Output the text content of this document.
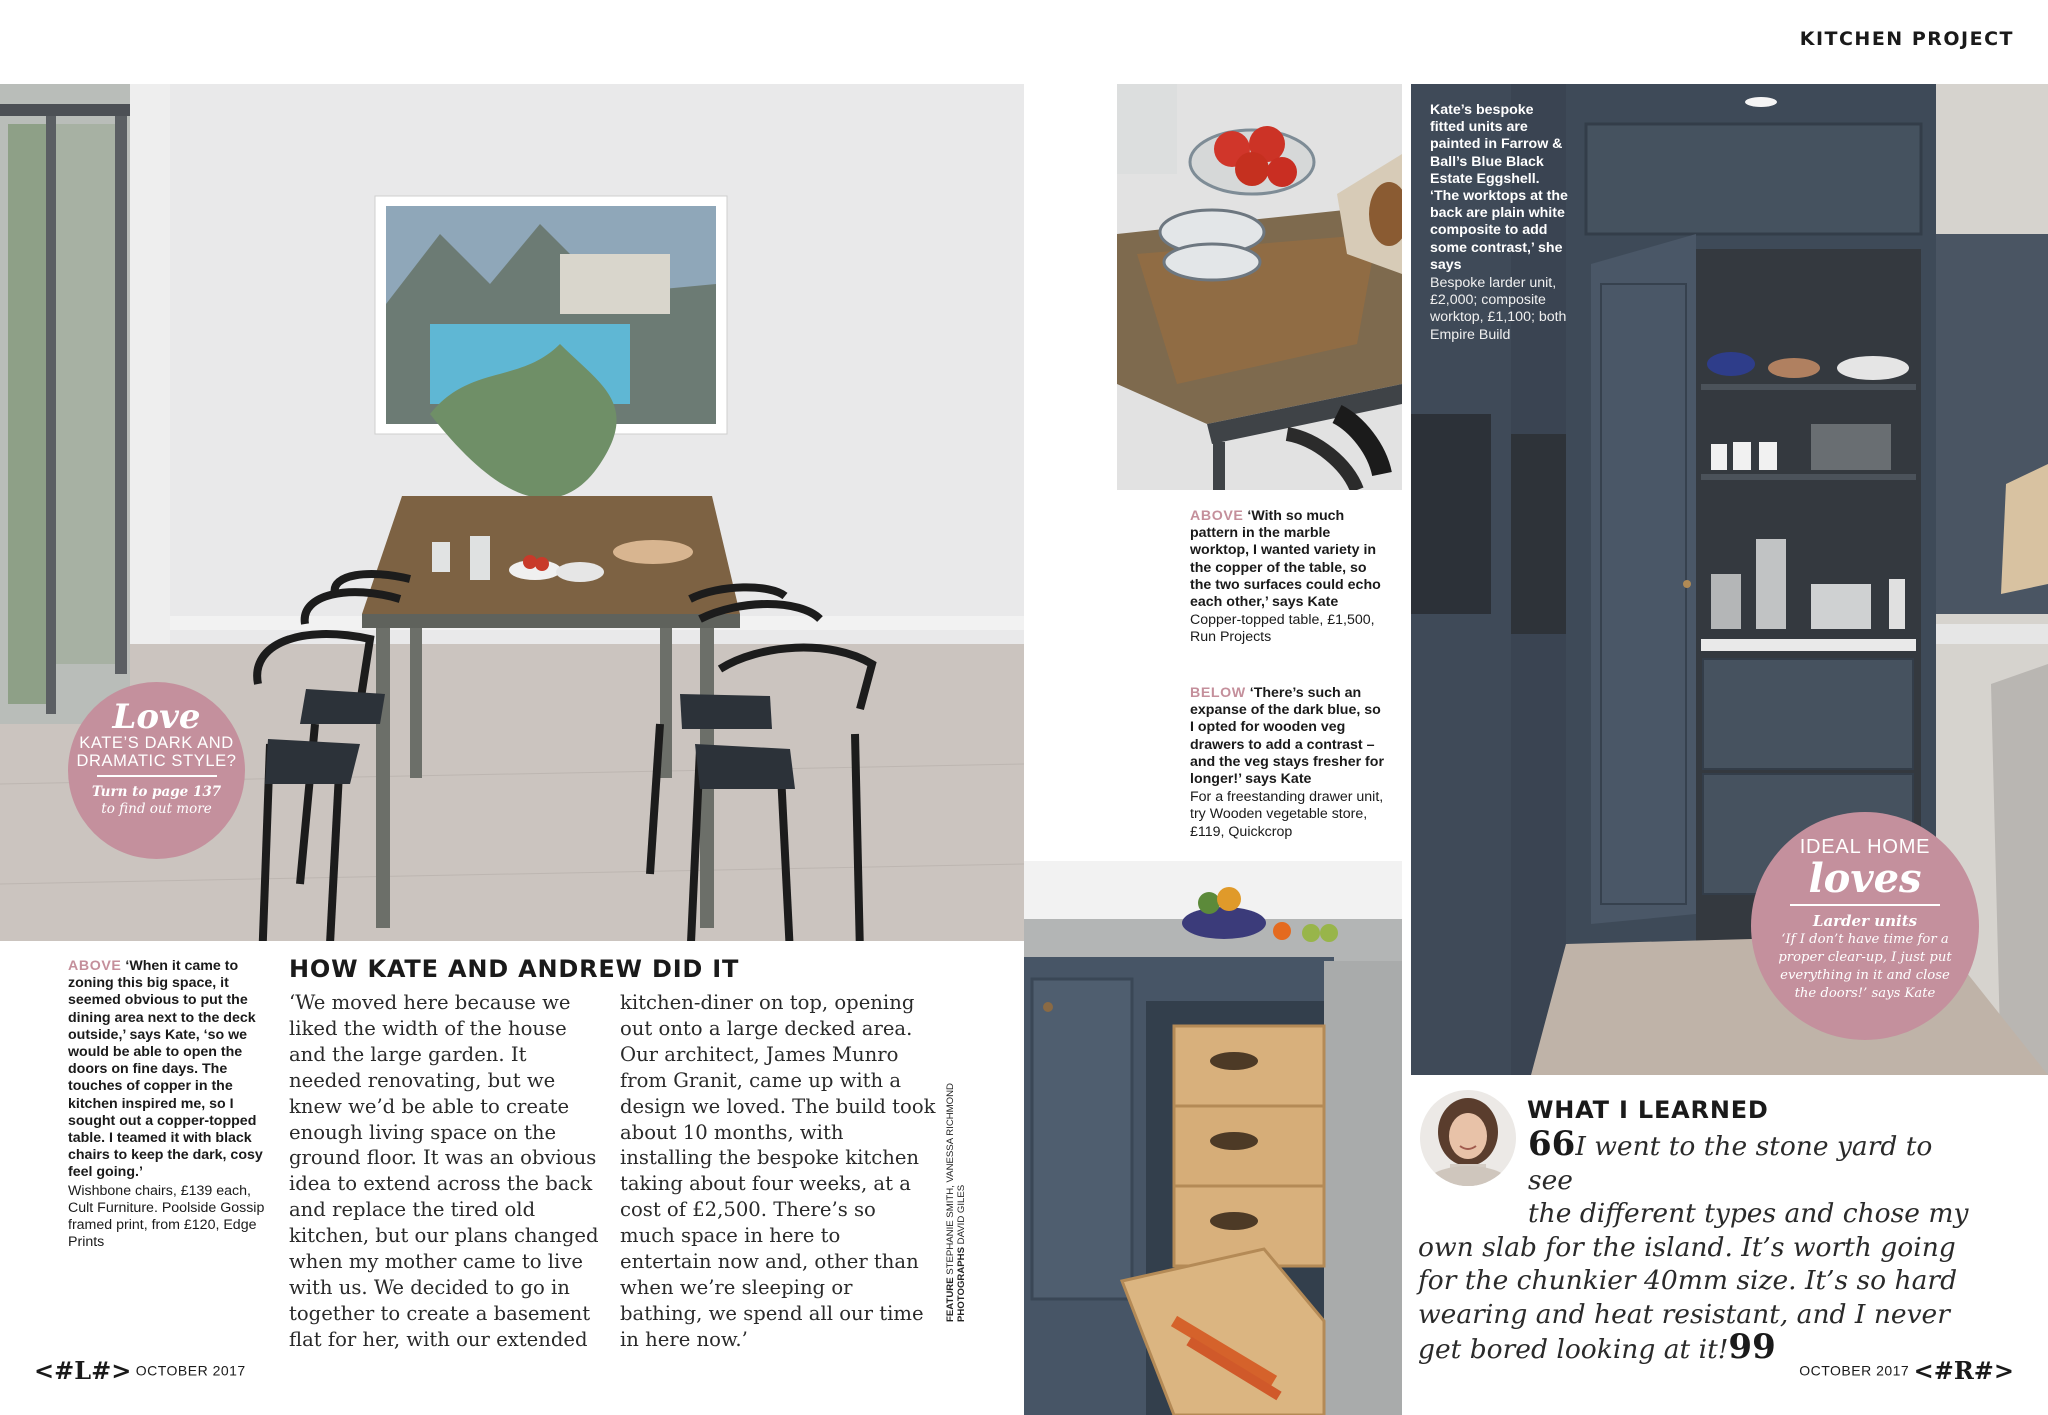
KITCHEN PROJECT
ABOVE ‘When it came to zoning this big space, it seemed obvious to put the dining area next to the deck outside,’ says Kate, ‘so we would be able to open the doors on fine days. The touches of copper in the kitchen inspired me, so I sought out a copper-topped table. I teamed it with black chairs to keep the dark, cosy feel going.’
Wishbone chairs, £139 each, Cult Furniture. Poolside Gossip framed print, from £120, Edge Prints
ABOVE ‘With so much pattern in the marble worktop, I wanted variety in the copper of the table, so the two surfaces could echo each other,’ says Kate
Copper-topped table, £1,500, Run Projects
BELOW ‘There’s such an expanse of the dark blue, so I opted for wooden veg drawers to add a contrast – and the veg stays fresher for longer!’ says Kate
For a freestanding drawer unit, try Wooden vegetable store, £119, Quickcrop
Kate’s bespoke fitted units are painted in Farrow & Ball’s Blue Black Estate Eggshell. ‘The worktops at the back are plain white composite to add some contrast,’ she says
Bespoke larder unit, £2,000; composite worktop, £1,100; both Empire Build
HOW KATE AND ANDREW DID IT
‘We moved here because we liked the width of the house and the large garden. It needed renovating, but we knew we’d be able to create enough living space on the ground floor. It was an obvious idea to extend across the back and replace the tired old kitchen, but our plans changed when my mother came to live with us. We decided to go in together to create a basement flat for her, with our extended
kitchen-diner on top, opening out onto a large decked area. Our architect, James Munro from Granit, came up with a design we loved. The build took about 10 months, with installing the bespoke kitchen taking about four weeks, at a cost of £2,500. There’s so much space in here to entertain now and, other than when we’re sleeping or bathing, we spend all our time in here now.’
FEATURE STEPHANIE SMITH, VANESSA RICHMOND
PHOTOGRAPHS DAVID GILES
Love
KATE’S DARK AND
DRAMATIC STYLE?
Turn to page 137
to find out more
IDEAL HOME
loves
Larder units
‘If I don’t have time for a proper clear-up, I just put everything in it and close the doors!’ says Kate
WHAT I LEARNED
66I went to the stone yard to see
the different types and chose my
own slab for the island. It’s worth going for the chunkier 40mm size. It’s so hard wearing and heat resistant, and I never get bored looking at it!99
<#L#> OCTOBER 2017	OCTOBER 2017 <#R#>
